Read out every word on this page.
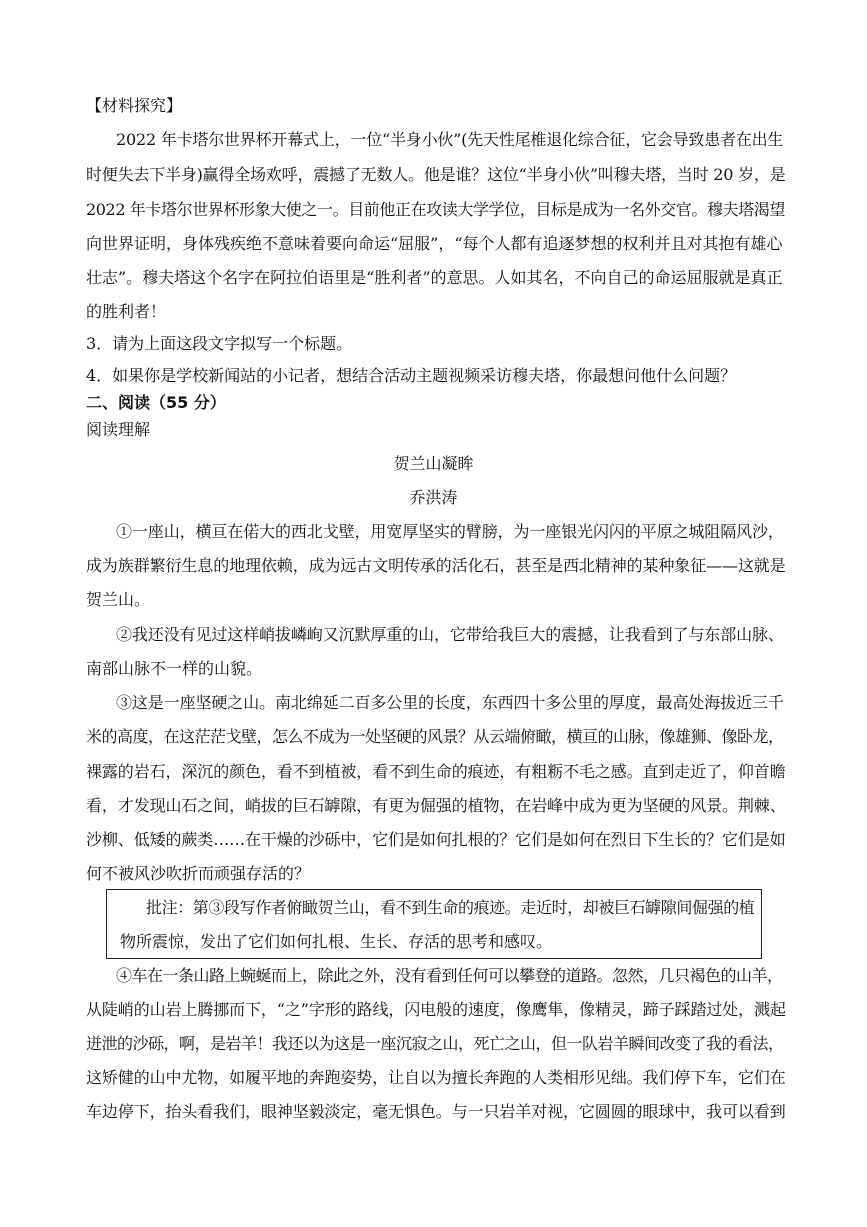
【材料探究】
2022 年卡塔尔世界杯开幕式上，一位“半身小伙”(先天性尾椎退化综合征，它会导致患者在出生
时便失去下半身)赢得全场欢呼，震撼了无数人。他是谁？这位“半身小伙”叫穆夫塔，当时 20 岁，是
2022 年卡塔尔世界杯形象大使之一。目前他正在攻读大学学位，目标是成为一名外交官。穆夫塔渴望
向世界证明，身体残疾绝不意味着要向命运“屈服”，“每个人都有追逐梦想的权利并且对其抱有雄心
壮志”。穆夫塔这个名字在阿拉伯语里是“胜利者”的意思。人如其名，不向自己的命运屈服就是真正
的胜利者！
3．请为上面这段文字拟写一个标题。
4．如果你是学校新闻站的小记者，想结合活动主题视频采访穆夫塔，你最想问他什么问题？
二、阅读（55 分）
阅读理解
贺兰山凝眸
乔洪涛
①一座山，横亘在偌大的西北戈壁，用宽厚坚实的臂膀，为一座银光闪闪的平原之城阻隔风沙，
成为族群繁衍生息的地理依赖，成为远古文明传承的活化石，甚至是西北精神的某种象征——这就是
贺兰山。
②我还没有见过这样峭拔嶙峋又沉默厚重的山，它带给我巨大的震撼，让我看到了与东部山脉、
南部山脉不一样的山貌。
③这是一座坚硬之山。南北绵延二百多公里的长度，东西四十多公里的厚度，最高处海拔近三千
米的高度，在这茫茫戈壁，怎么不成为一处坚硬的风景？从云端俯瞰，横亘的山脉，像雄狮、像卧龙，
裸露的岩石，深沉的颜色，看不到植被，看不到生命的痕迹，有粗粝不毛之感。直到走近了，仰首瞻
看，才发现山石之间，峭拔的巨石罅隙，有更为倔强的植物，在岩峰中成为更为坚硬的风景。荆棘、
沙柳、低矮的蕨类……在干燥的沙砾中，它们是如何扎根的？它们是如何在烈日下生长的？它们是如
何不被风沙吹折而顽强存活的？
批注：第③段写作者俯瞰贺兰山，看不到生命的痕迹。走近时，却被巨石罅隙间倔强的植
物所震惊，发出了它们如何扎根、生长、存活的思考和感叹。
④车在一条山路上蜿蜒而上，除此之外，没有看到任何可以攀登的道路。忽然，几只褐色的山羊，
从陡峭的山岩上腾挪而下，“之”字形的路线，闪电般的速度，像鹰隼，像精灵，蹄子踩踏过处，溅起
迸泄的沙砾，啊，是岩羊！我还以为这是一座沉寂之山，死亡之山，但一队岩羊瞬间改变了我的看法，
这矫健的山中尤物，如履平地的奔跑姿势，让自以为擅长奔跑的人类相形见绌。我们停下车，它们在
车边停下，抬头看我们，眼神坚毅淡定，毫无惧色。与一只岩羊对视，它圆圆的眼球中，我可以看到
